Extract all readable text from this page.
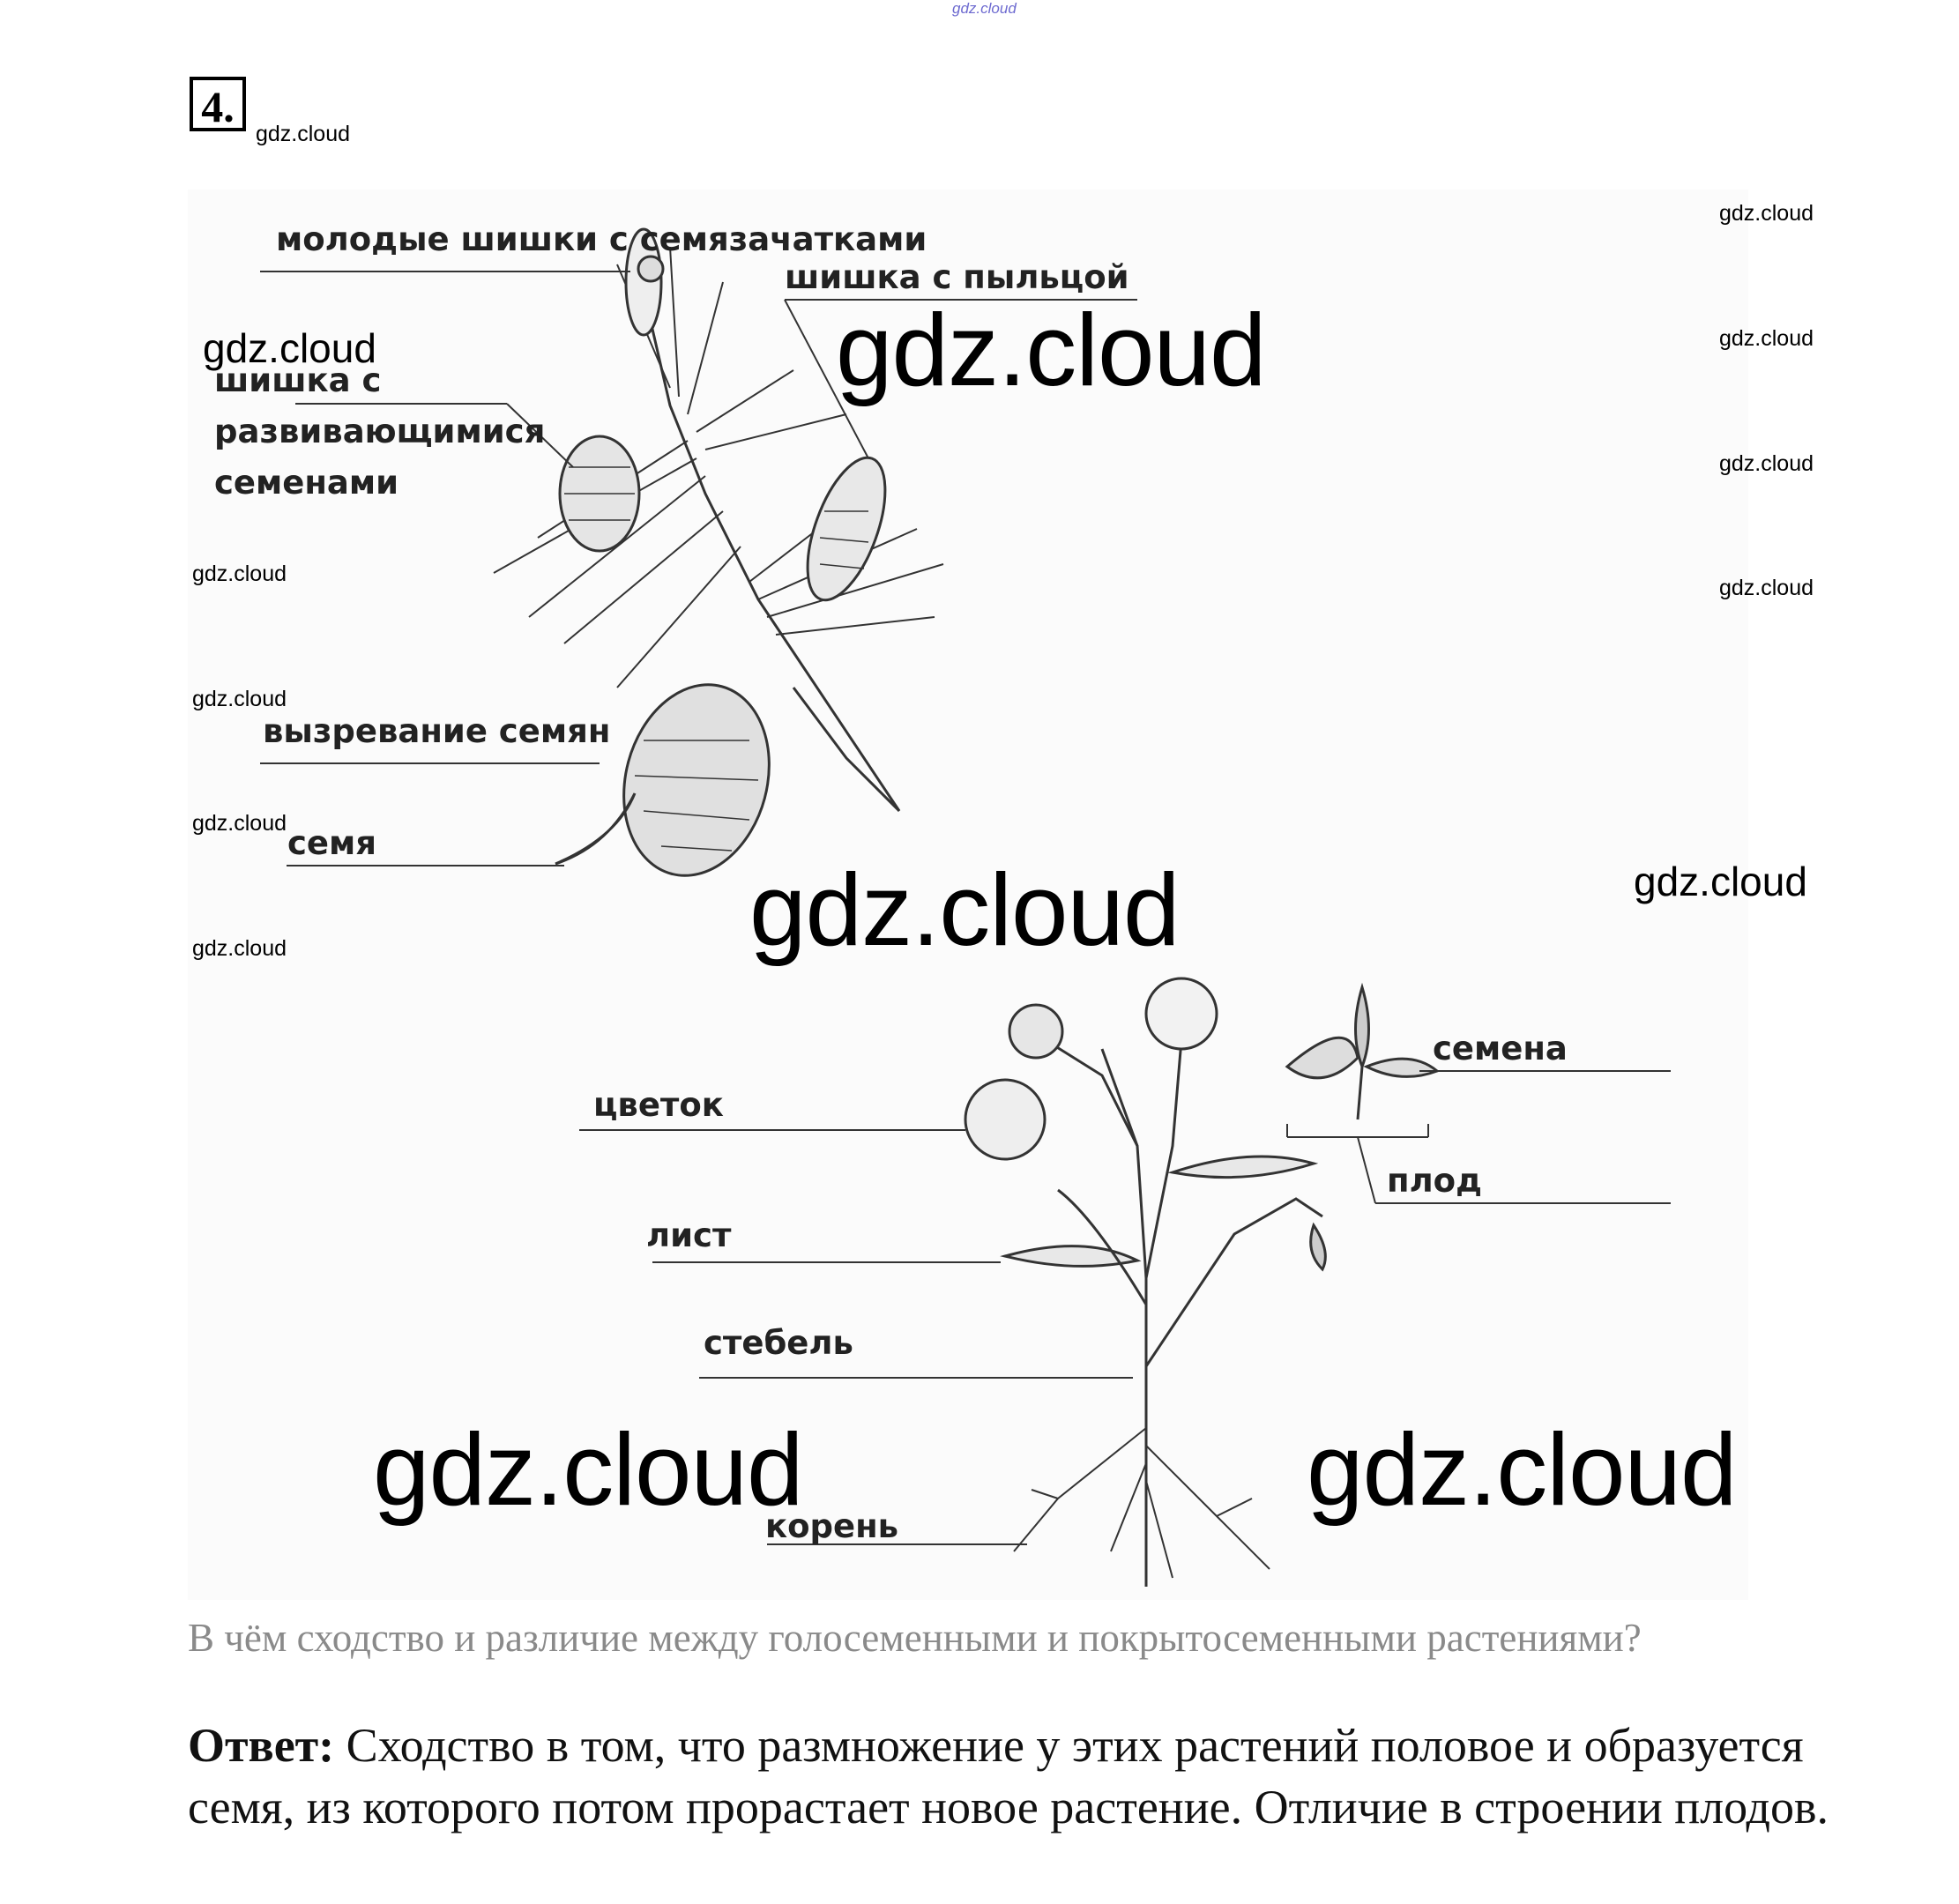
gdz.cloud
4.
gdz.cloud
молодые шишки с семязачатками
шишка с пыльцой
шишка с
развивающимися
семенами
вызревание семян
семя
семена
плод
цветок
лист
стебель
корень
gdz.cloud
gdz.cloud
gdz.cloud
gdz.cloud
gdz.cloud
gdz.cloud
gdz.cloud
gdz.cloud
gdz.cloud
gdz.cloud
gdz.cloud
gdz.cloud
gdz.cloud	gdz.cloud
В чём сходство и различие между голосеменными и покрытосеменными растениями?
Ответ: Сходство в том, что размножение у этих растений половое и образуется семя, из которого потом прорастает новое растение. Отличие в строении плодов.
